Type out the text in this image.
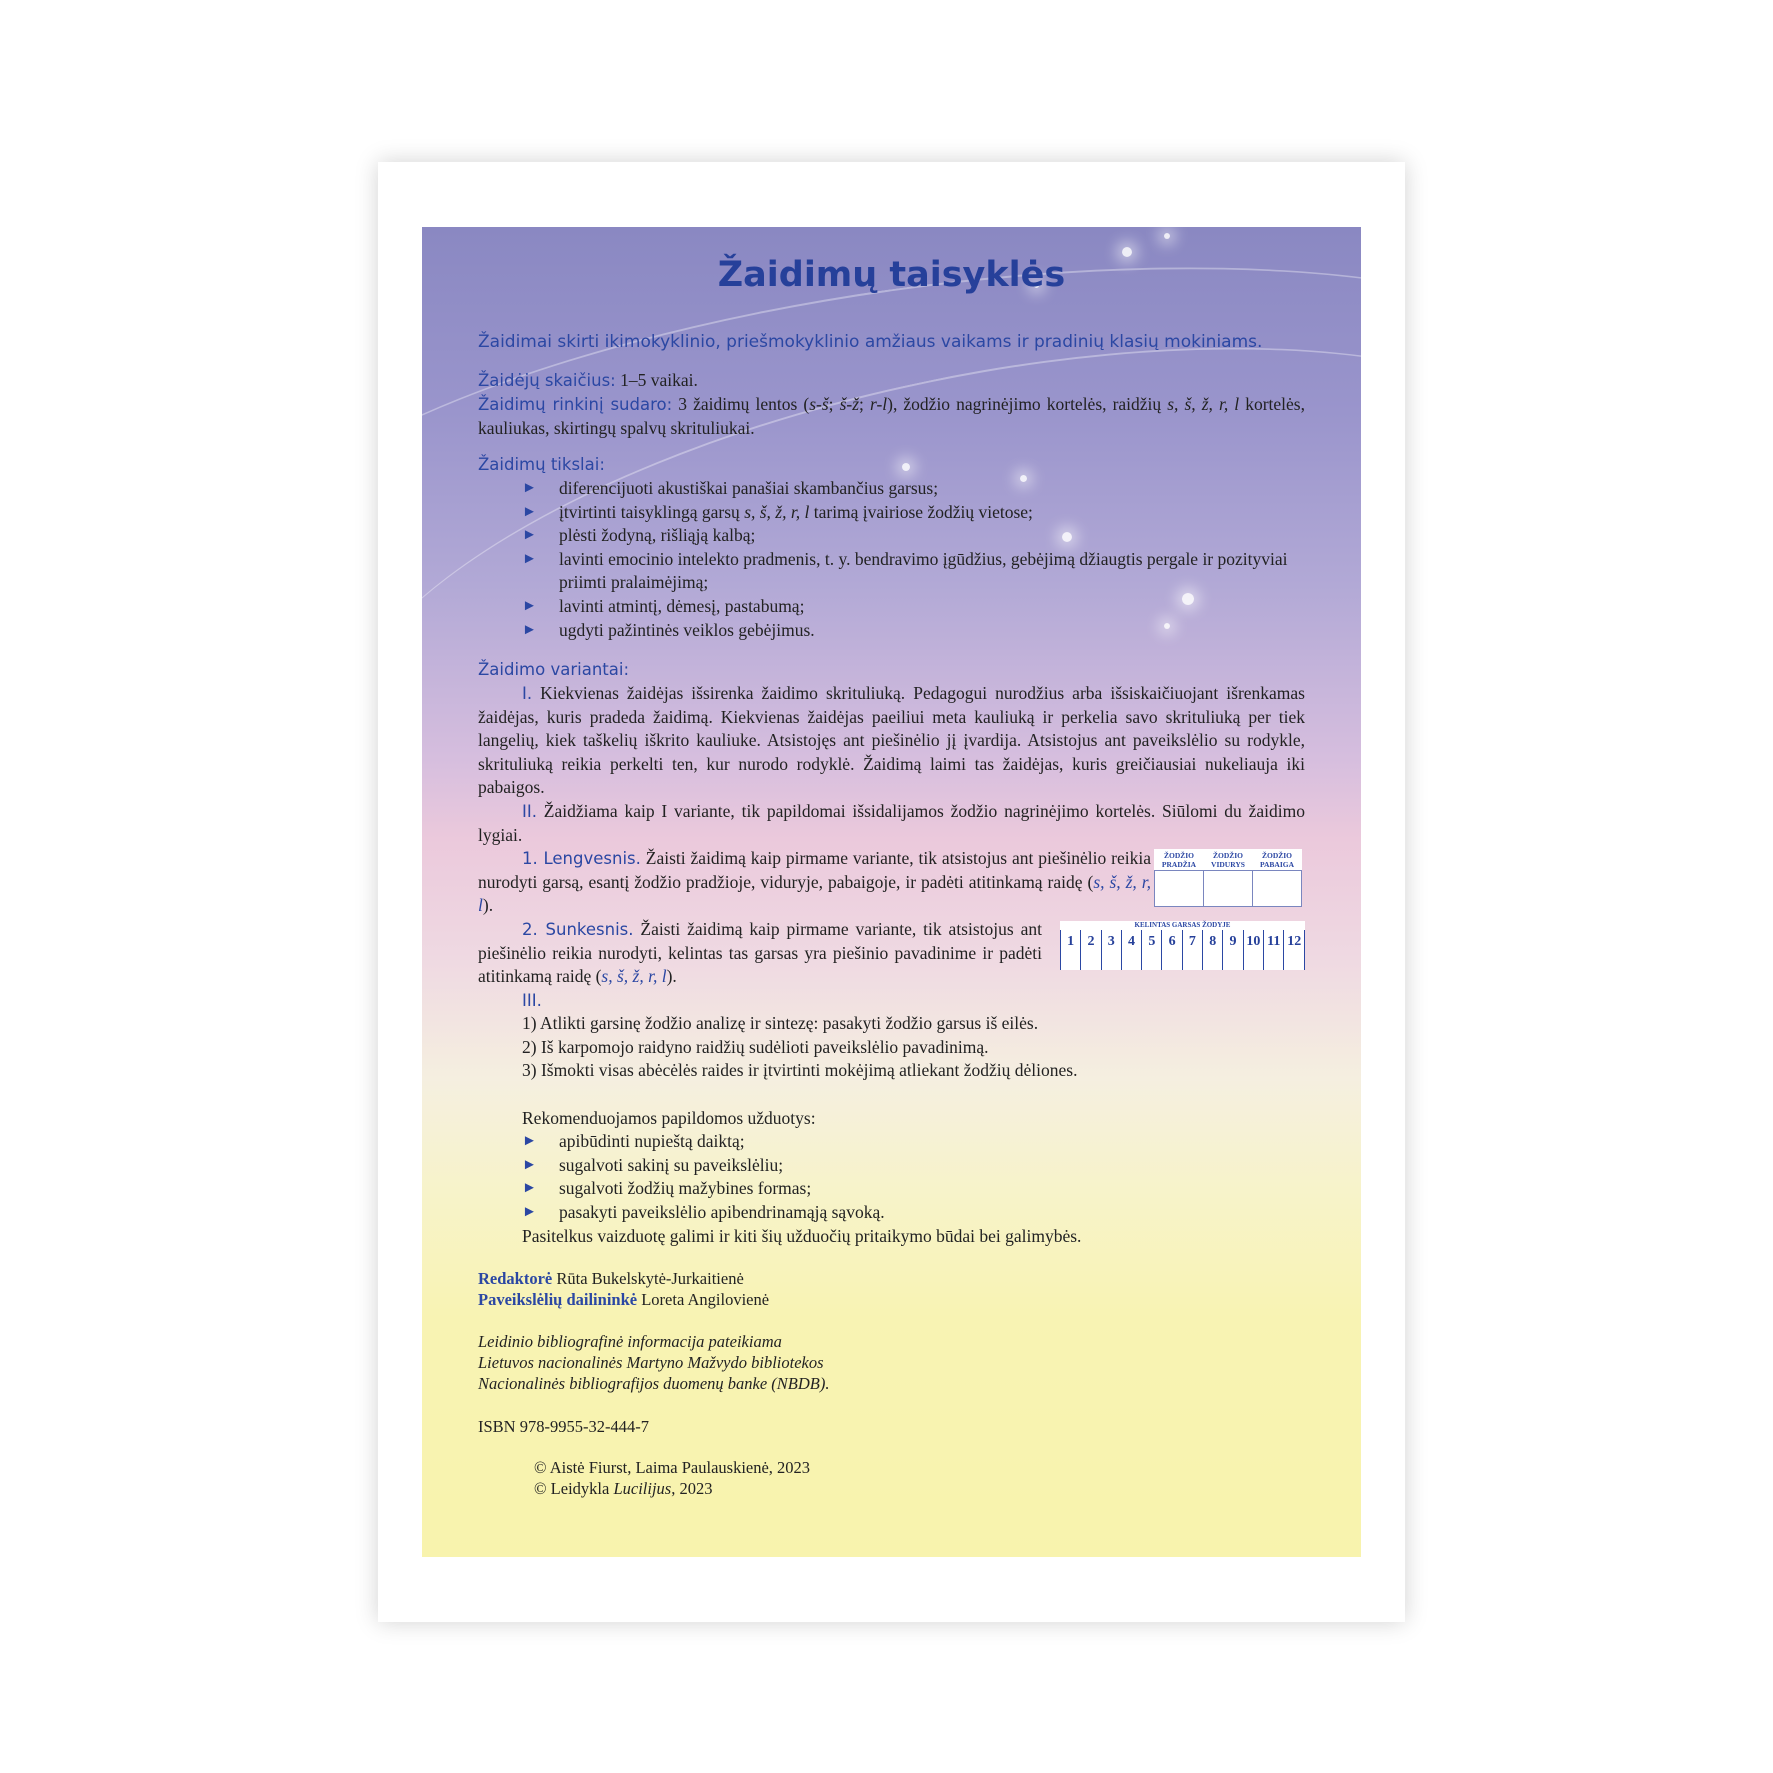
Žaidimų taisyklės
Žaidimai skirti ikimokyklinio, priešmokyklinio amžiaus vaikams ir pradinių klasių mokiniams.
Žaidėjų skaičius: 1–5 vaikai.
Žaidimų rinkinį sudaro: 3 žaidimų lentos (s-š; š-ž; r-l), žodžio nagrinėjimo kortelės, raidžių s, š, ž, r, l kortelės, kauliukas, skirtingų spalvų skrituliukai.
Žaidimų tikslai:
► diferencijuoti akustiškai panašiai skambančius garsus;
► įtvirtinti taisyklingą garsų s, š, ž, r, l tarimą įvairiose žodžių vietose;
► plėsti žodyną, rišliąją kalbą;
► lavinti emocinio intelekto pradmenis, t. y. bendravimo įgūdžius, gebėjimą džiaugtis pergale ir pozityviai priimti pralaimėjimą;
► lavinti atmintį, dėmesį, pastabumą;
► ugdyti pažintinės veiklos gebėjimus.
Žaidimo variantai:
I. Kiekvienas žaidėjas išsirenka žaidimo skrituliuką. Pedagogui nurodžius arba išsiskaičiuojant išrenkamas žaidėjas, kuris pradeda žaidimą. Kiekvienas žaidėjas paeiliui meta kauliuką ir perkelia savo skrituliuką per tiek langelių, kiek taškelių iškrito kauliuke. Atsistojęs ant piešinėlio jį įvardija. Atsistojus ant paveikslėlio su rodykle, skrituliuką reikia perkelti ten, kur nurodo rodyklė. Žaidimą laimi tas žaidėjas, kuris greičiausiai nukeliauja iki pabaigos.
II. Žaidžiama kaip I variante, tik papildomai išsidalijamos žodžio nagrinėjimo kortelės. Siūlomi du žaidimo lygiai.
1. Lengvesnis. Žaisti žaidimą kaip pirmame variante, tik atsistojus ant piešinėlio reikia nurodyti garsą, esantį žodžio pradžioje, viduryje, pabaigoje, ir padėti atitinkamą raidę (s, š, ž, r, l).
ŽODŽIO PRADŽIA	ŽODŽIO VIDURYS	ŽODŽIO PABAIGA

2. Sunkesnis. Žaisti žaidimą kaip pirmame variante, tik atsistojus ant piešinėlio reikia nurodyti, kelintas tas garsas yra piešinio pavadinime ir padėti atitinkamą raidę (s, š, ž, r, l).
KELINTAS GARSAS ŽODYJE
1	2	3	4	5	6	7	8	9	10	11	12
III.
1) Atlikti garsinę žodžio analizę ir sintezę: pasakyti žodžio garsus iš eilės.
2) Iš karpomojo raidyno raidžių sudėlioti paveikslėlio pavadinimą.
3) Išmokti visas abėcėlės raides ir įtvirtinti mokėjimą atliekant žodžių dėliones.
Rekomenduojamos papildomos užduotys:
► apibūdinti nupieštą daiktą;
► sugalvoti sakinį su paveikslėliu;
► sugalvoti žodžių mažybines formas;
► pasakyti paveikslėlio apibendrinamąją sąvoką.
Pasitelkus vaizduotę galimi ir kiti šių užduočių pritaikymo būdai bei galimybės.
Redaktorė Rūta Bukelskytė-Jurkaitienė
Paveikslėlių dailininkė Loreta Angilovienė
Leidinio bibliografinė informacija pateikiama
Lietuvos nacionalinės Martyno Mažvydo bibliotekos
Nacionalinės bibliografijos duomenų banke (NBDB).
ISBN 978-9955-32-444-7
© Aistė Fiurst, Laima Paulauskienė, 2023
© Leidykla Lucilijus, 2023
